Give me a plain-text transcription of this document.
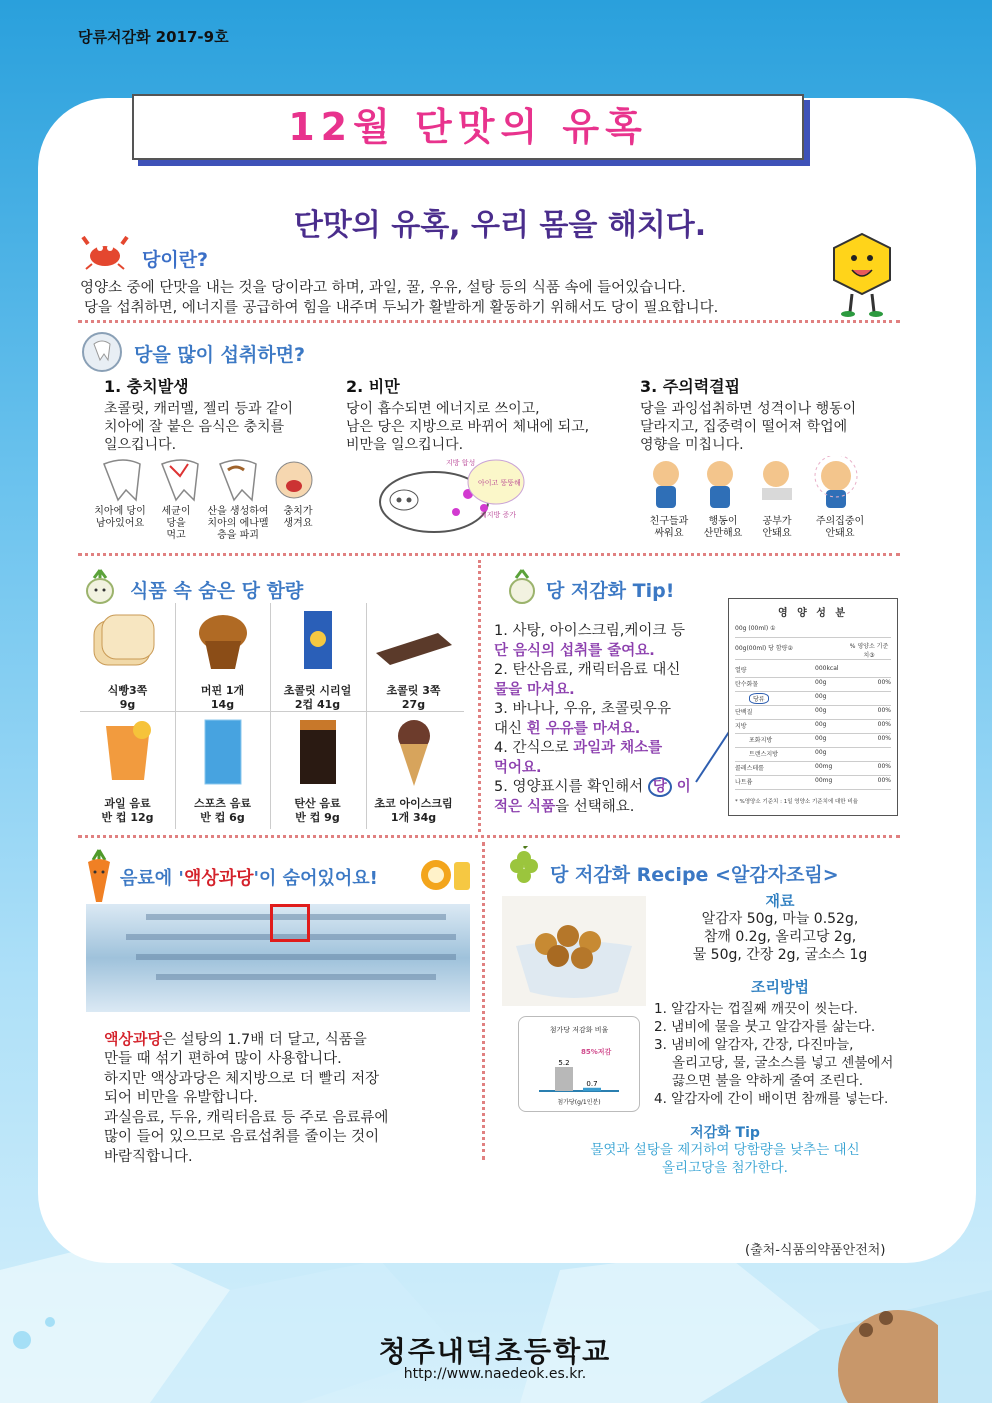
당류저감화 2017-9호
12월 단맛의 유혹
단맛의 유혹, 우리 몸을 해치다.
당이란?
영양소 중에 단맛을 내는 것을 당이라고 하며, 과일, 꿀, 우유, 설탕 등의 식품 속에 들어있습니다.
당을 섭취하면, 에너지를 공급하여 힘을 내주며 두뇌가 활발하게 활동하기 위해서도 당이 필요합니다.
당을 많이 섭취하면?
1. 충치발생
초콜릿, 캐러멜, 젤리 등과 같이
치아에 잘 붙은 음식은 충치를
일으킵니다.
치아에 당이
남아있어요
세균이
당을
먹고
산을 생성하여
치아의 에나멜
층을 파괴
충치가
생겨요
2. 비만
당이 흡수되면 에너지로 쓰이고,
남은 당은 지방으로 바뀌어 체내에 되고,
비만을 일으킵니다.
지방 합성
아이고 뚱뚱해
체지방 증가
3. 주의력결핍
당을 과잉섭취하면 성격이나 행동이
달라지고, 집중력이 떨어져 학업에
영향을 미칩니다.
친구들과
싸워요
행동이
산만해요
공부가
안돼요
주의집중이
안돼요
식품 속 숨은 당 함량
식빵3쪽
9g
머핀 1개
14g
초콜릿 시리얼
2컵 41g
초콜릿 3쪽
27g
과일 음료
반 컵 12g
스포츠 음료
반 컵 6g
탄산 음료
반 컵 9g
초코 아이스크림
1개 34g
당 저감화 Tip!
1. 사탕, 아이스크림,케이크 등
단 음식의 섭취를 줄여요.
2. 탄산음료, 캐릭터음료 대신
물을 마셔요.
3. 바나나, 우유, 초콜릿우유
대신 흰 우유를 마셔요.
4. 간식으로 과일과 채소를
먹어요.
5. 영양표시를 확인해서 당 이
적은 식품을 선택해요.
영 양 성 분
00g (00ml) ①
00g(00ml) 당 함량②	% 영양소 기준치③
열량	000kcal
탄수화물	00g	00%
당류	00g
단백질	00g	00%
지방	00g	00%
포화지방	00g	00%
트랜스지방	00g
콜레스테롤	00mg	00%
나트륨	00mg	00%
* %영양소 기준치 : 1일 영양소 기준치에 대한 비율
음료에 '액상과당'이 숨어있어요!
액상과당은 설탕의 1.7배 더 달고, 식품을
만들 때 섞기 편하여 많이 사용합니다.
하지만 액상과당은 체지방으로 더 빨리 저장
되어 비만을 유발합니다.
과실음료, 두유, 캐릭터음료 등 주로 음료류에
많이 들어 있으므로 음료섭취를 줄이는 것이
바람직합니다.
당 저감화 Recipe <알감자조림>
재료
알감자 50g, 마늘 0.52g,
참깨 0.2g, 올리고당 2g,
물 50g, 간장 2g, 굴소스 1g
조리방법
1. 알감자는 껍질째 깨끗이 씻는다.
2. 냄비에 물을 붓고 알감자를 삶는다.
3. 냄비에 알감자, 간장, 다진마늘,
올리고당, 물, 굴소스를 넣고 센불에서
끓으면 불을 약하게 줄여 조린다.
4. 알감자에 간이 배이면 참깨를 넣는다.
첨가당 저감화 비율
85%저감
5.2
0.7
첨가당(g/1인분)
저감화 Tip
물엿과 설탕을 제거하여 당함량을 낮추는 대신
올리고당을 첨가한다.
(출처-식품의약품안전처)
청주내덕초등학교
http://www.naedeok.es.kr.
